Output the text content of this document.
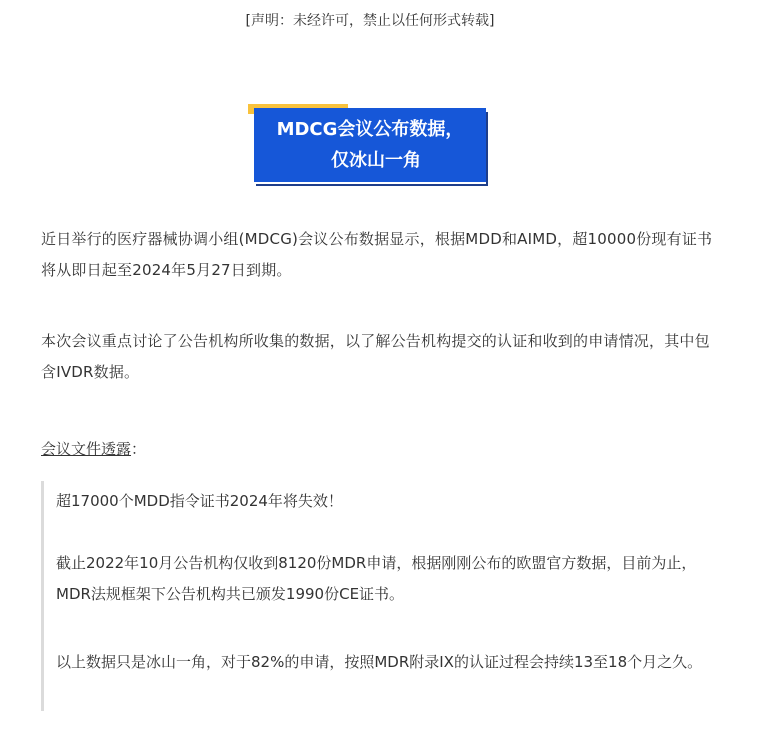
[声明：未经许可，禁止以任何形式转载]
MDCG会议公布数据，
仅冰山一角
近日举行的医疗器械协调小组(MDCG)会议公布数据显示，根据MDD和AIMD，超10000份现有证书将从即日起至2024年5月27日到期。
本次会议重点讨论了公告机构所收集的数据，以了解公告机构提交的认证和收到的申请情况，其中包含IVDR数据。
会议文件透露：
超17000个MDD指令证书2024年将失效！
截止2022年10月公告机构仅收到8120份MDR申请，根据刚刚公布的欧盟官方数据，目前为止，MDR法规框架下公告机构共已颁发1990份CE证书。
以上数据只是冰山一角，对于82%的申请，按照MDR附录IX的认证过程会持续13至18个月之久。
